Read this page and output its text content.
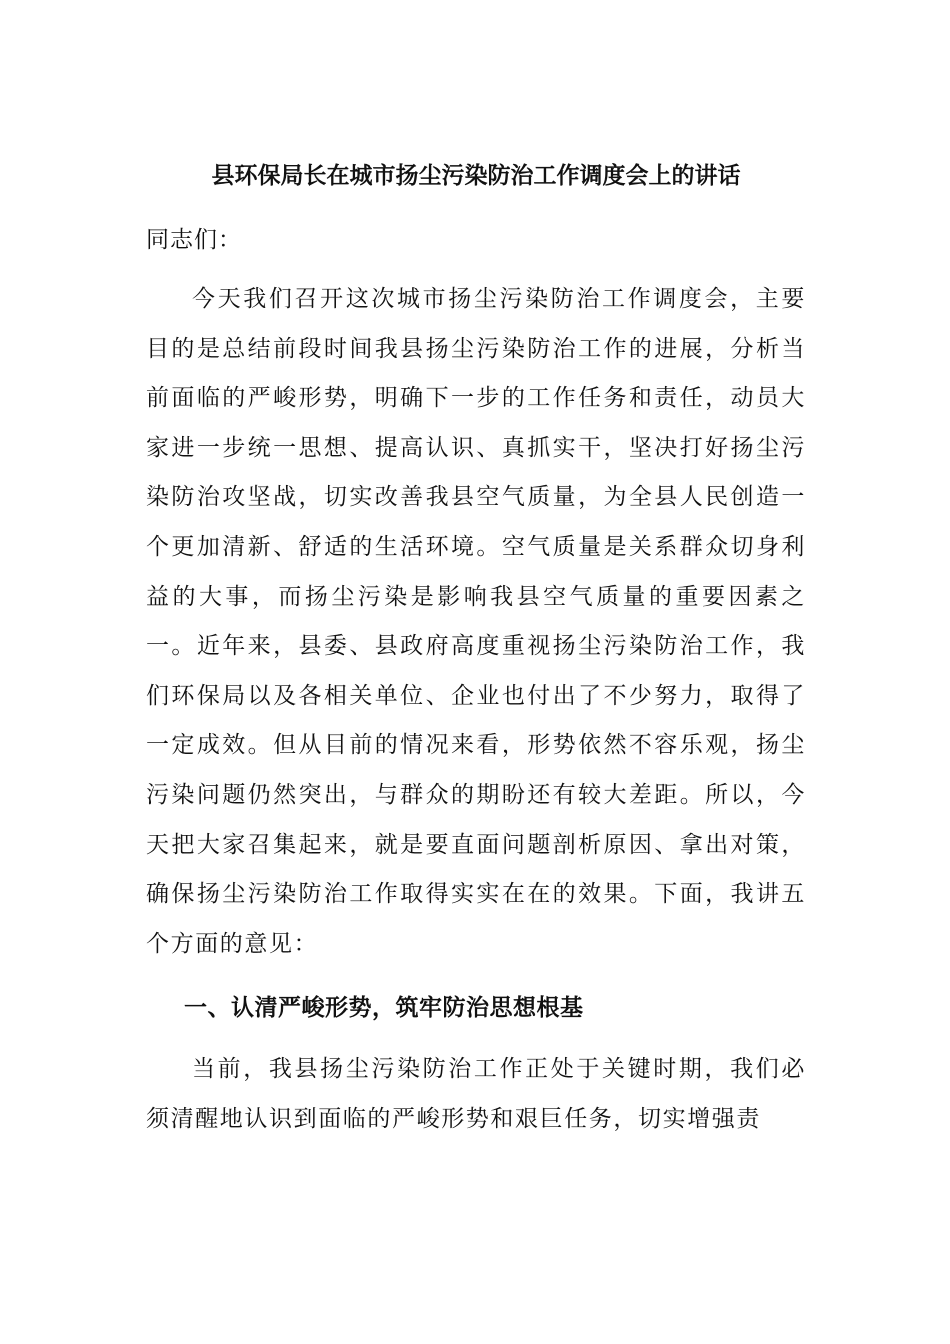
县环保局长在城市扬尘污染防治工作调度会上的讲话

同志们：

今天我们召开这次城市扬尘污染防治工作调度会，主要目的是总结前段时间我县扬尘污染防治工作的进展，分析当前面临的严峻形势，明确下一步的工作任务和责任，动员大家进一步统一思想、提高认识、真抓实干，坚决打好扬尘污染防治攻坚战，切实改善我县空气质量，为全县人民创造一个更加清新、舒适的生活环境。空气质量是关系群众切身利益的大事，而扬尘污染是影响我县空气质量的重要因素之一。近年来，县委、县政府高度重视扬尘污染防治工作，我们环保局以及各相关单位、企业也付出了不少努力，取得了一定成效。但从目前的情况来看，形势依然不容乐观，扬尘污染问题仍然突出，与群众的期盼还有较大差距。所以，今天把大家召集起来，就是要直面问题剖析原因、拿出对策，确保扬尘污染防治工作取得实实在在的效果。下面，我讲五个方面的意见：

一、认清严峻形势，筑牢防治思想根基

当前，我县扬尘污染防治工作正处于关键时期，我们必须清醒地认识到面临的严峻形势和艰巨任务，切实增强责
